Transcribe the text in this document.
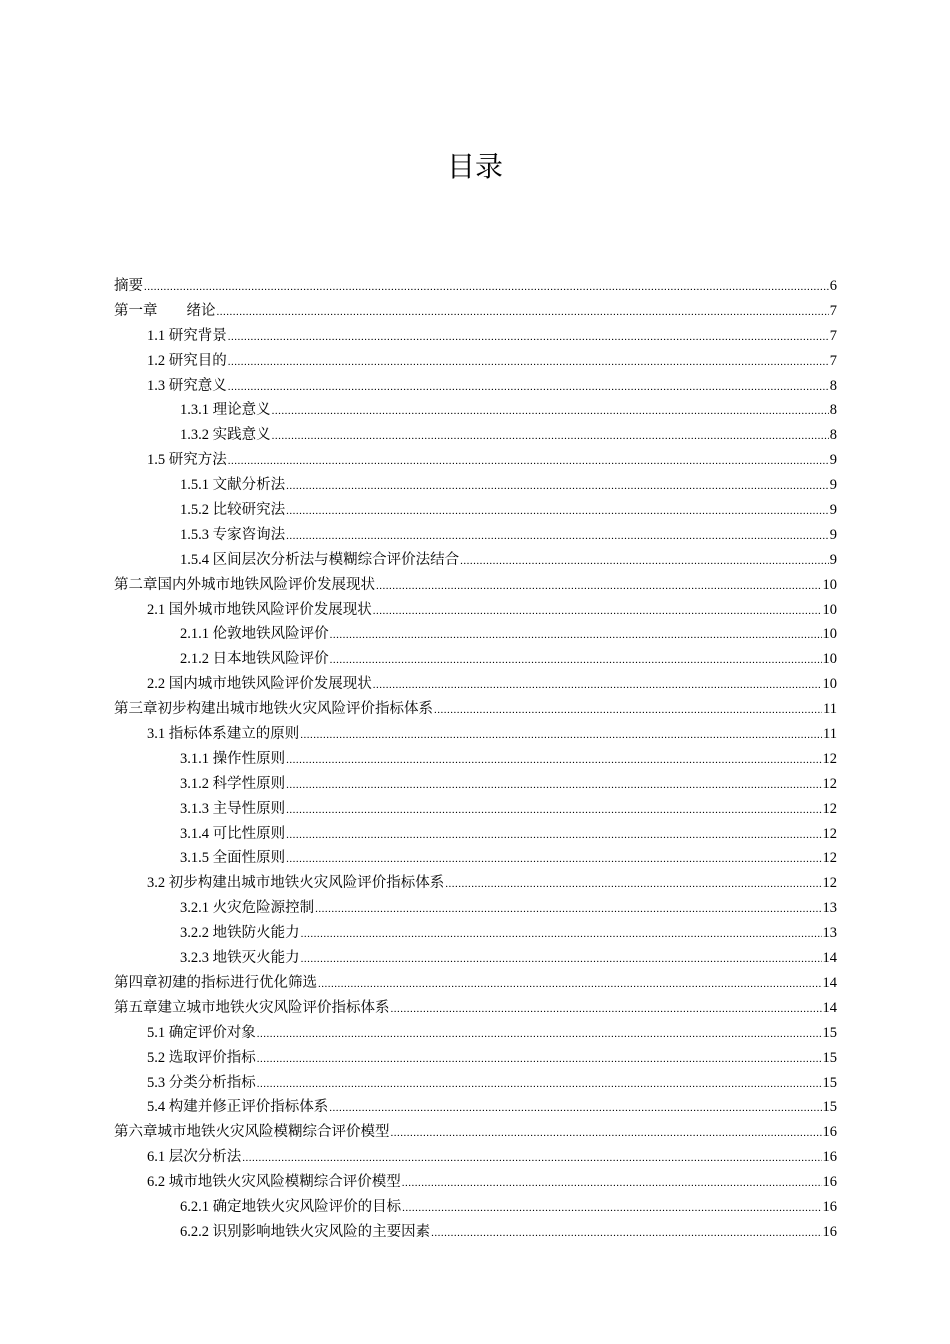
目录
摘要 .....	6
第一章　　绪论 .....	7
1.1 研究背景 .....	7
1.2 研究目的 .....	7
1.3 研究意义 .....	8
1.3.1 理论意义 .....	8
1.3.2 实践意义 .....	8
1.5 研究方法 .....	9
1.5.1 文献分析法 .....	9
1.5.2 比较研究法 .....	9
1.5.3 专家咨询法 .....	9
1.5.4 区间层次分析法与模糊综合评价法结合 .....	9
第二章国内外城市地铁风险评价发展现状 .....	10
2.1 国外城市地铁风险评价发展现状 .....	10
2.1.1 伦敦地铁风险评价 .....	10
2.1.2 日本地铁风险评价 .....	10
2.2 国内城市地铁风险评价发展现状 .....	10
第三章初步构建出城市地铁火灾风险评价指标体系 .....	11
3.1 指标体系建立的原则 .....	11
3.1.1 操作性原则 .....	12
3.1.2 科学性原则 .....	12
3.1.3 主导性原则 .....	12
3.1.4 可比性原则 .....	12
3.1.5 全面性原则 .....	12
3.2 初步构建出城市地铁火灾风险评价指标体系 .....	12
3.2.1 火灾危险源控制 .....	13
3.2.2 地铁防火能力 .....	13
3.2.3 地铁灭火能力 .....	14
第四章初建的指标进行优化筛选 .....	14
第五章建立城市地铁火灾风险评价指标体系 .....	14
5.1 确定评价对象 .....	15
5.2 选取评价指标 .....	15
5.3 分类分析指标 .....	15
5.4 构建并修正评价指标体系 .....	15
第六章城市地铁火灾风险模糊综合评价模型 .....	16
6.1 层次分析法 .....	16
6.2 城市地铁火灾风险模糊综合评价模型 .....	16
6.2.1 确定地铁火灾风险评价的目标 .....	16
6.2.2 识别影响地铁火灾风险的主要因素 .....	16
